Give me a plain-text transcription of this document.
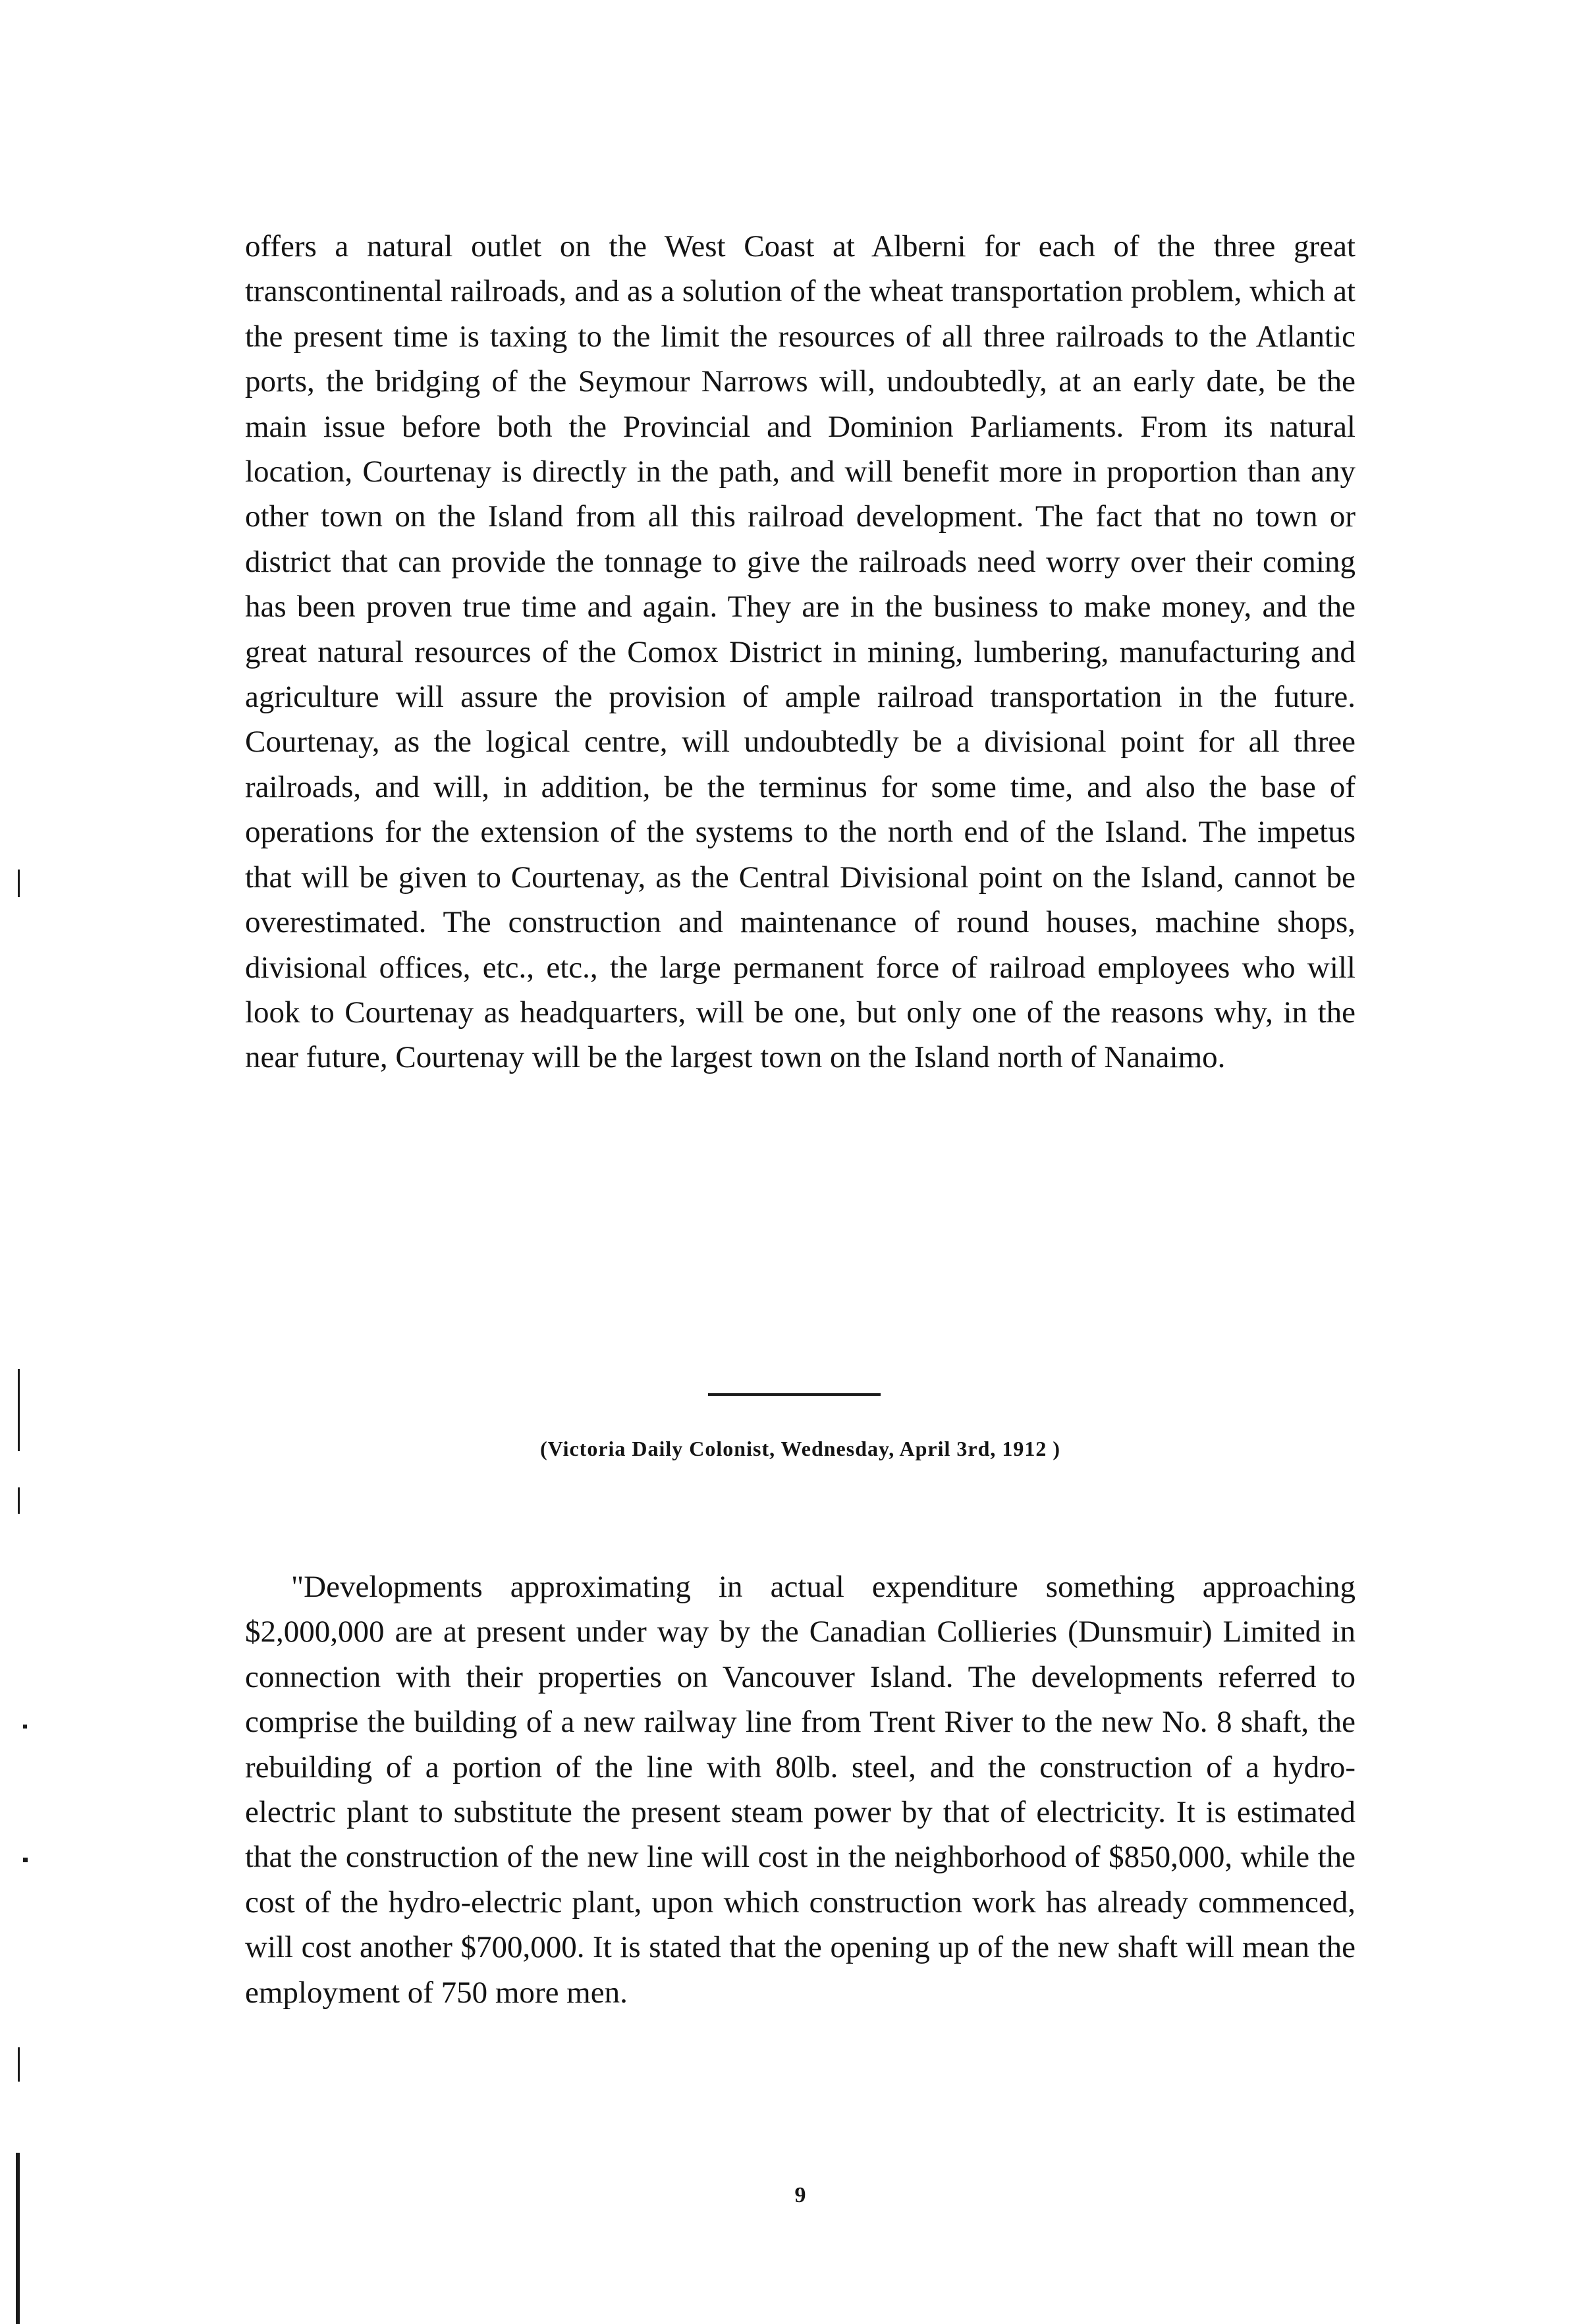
offers a natural outlet on the West Coast at Alberni for each of the three great transcontinental railroads, and as a solution of the wheat transportation problem, which at the present time is taxing to the limit the resources of all three railroads to the Atlantic ports, the bridging of the Seymour Narrows will, undoubtedly, at an early date, be the main issue before both the Provincial and Dominion Parliaments. From its natural location, Courtenay is directly in the path, and will benefit more in proportion than any other town on the Island from all this railroad development. The fact that no town or district that can provide the tonnage to give the railroads need worry over their coming has been proven true time and again. They are in the business to make money, and the great natural resources of the Comox District in mining, lumbering, manufacturing and agriculture will assure the provision of ample railroad transportation in the future. Courtenay, as the logical centre, will undoubtedly be a divisional point for all three railroads, and will, in addition, be the terminus for some time, and also the base of operations for the extension of the systems to the north end of the Island. The impetus that will be given to Courtenay, as the Central Divisional point on the Island, cannot be overestimated. The construction and maintenance of round houses, machine shops, divisional offices, etc., etc., the large permanent force of railroad employees who will look to Courtenay as headquarters, will be one, but only one of the reasons why, in the near future, Courtenay will be the largest town on the Island north of Nanaimo.

(Victoria Daily Colonist, Wednesday, April 3rd, 1912 )

"Developments approximating in actual expenditure something approaching $2,000,000 are at present under way by the Canadian Collieries (Dunsmuir) Limited in connection with their properties on Vancouver Island. The developments referred to comprise the building of a new railway line from Trent River to the new No. 8 shaft, the rebuilding of a portion of the line with 80lb. steel, and the construction of a hydro-electric plant to substitute the present steam power by that of electricity. It is estimated that the construction of the new line will cost in the neighborhood of $850,000, while the cost of the hydro-electric plant, upon which construction work has already commenced, will cost another $700,000. It is stated that the opening up of the new shaft will mean the employment of 750 more men.

9
